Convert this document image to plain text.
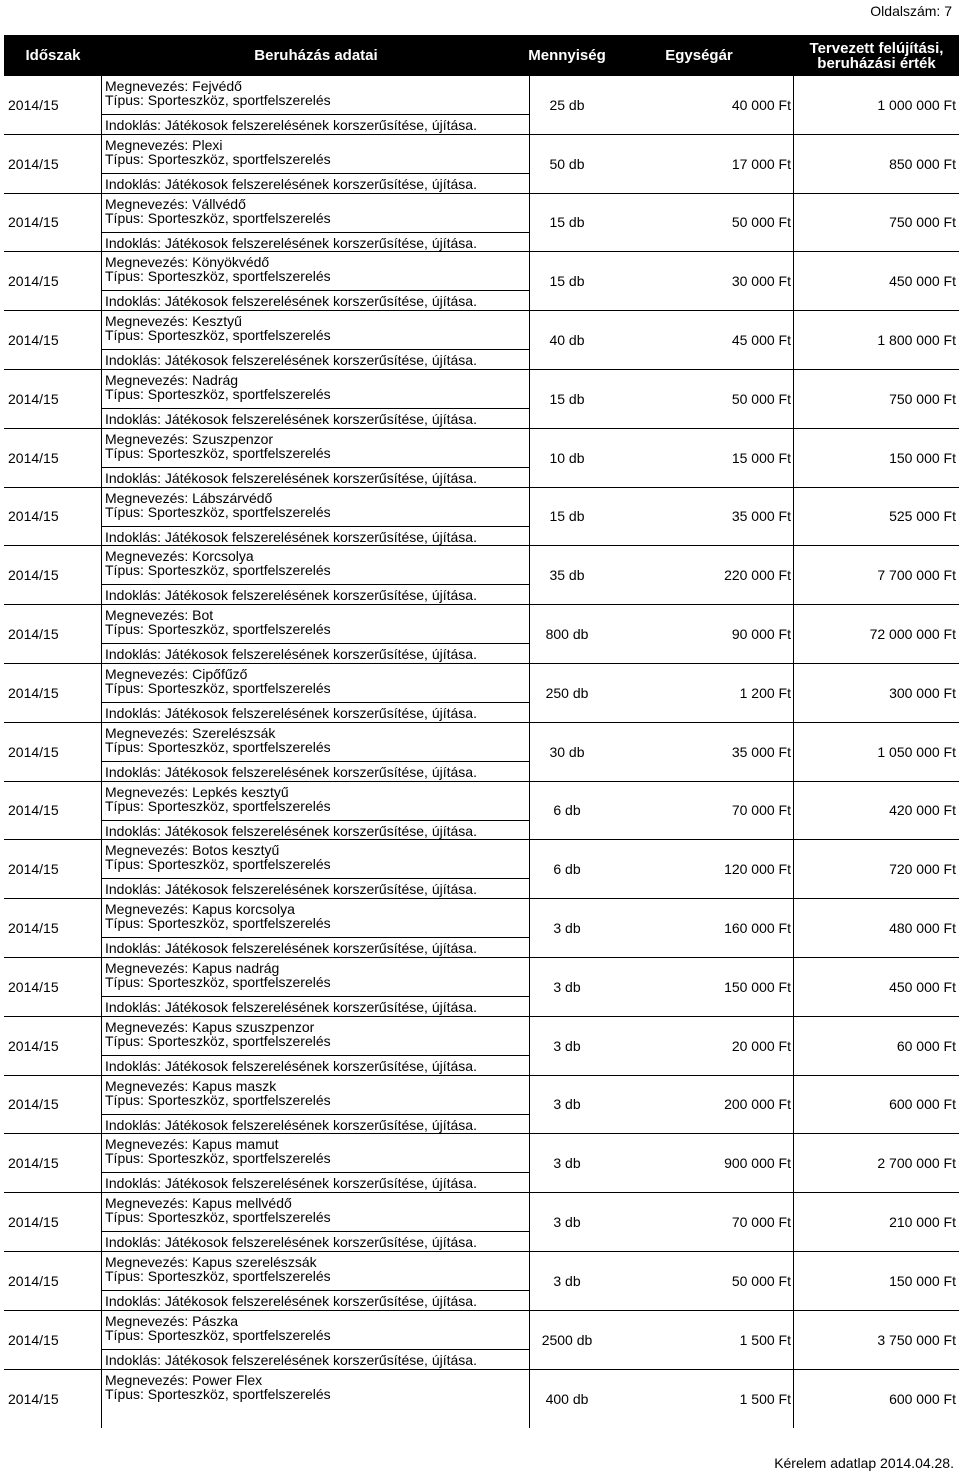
Oldalszám: 7
Időszak	Beruházás adatai	Mennyiség	Egységár	Tervezett felújítási,
beruházási érték
2014/15
Megnevezés: Fejvédő
Típus: Sporteszköz, sportfelszerelés
Indoklás: Játékosok felszerelésének korszerűsítése, újítása.
25 db	40 000 Ft	1 000 000 Ft
2014/15
Megnevezés: Plexi
Típus: Sporteszköz, sportfelszerelés
Indoklás: Játékosok felszerelésének korszerűsítése, újítása.
50 db	17 000 Ft	850 000 Ft
2014/15
Megnevezés: Vállvédő
Típus: Sporteszköz, sportfelszerelés
Indoklás: Játékosok felszerelésének korszerűsítése, újítása.
15 db	50 000 Ft	750 000 Ft
2014/15
Megnevezés: Könyökvédő
Típus: Sporteszköz, sportfelszerelés
Indoklás: Játékosok felszerelésének korszerűsítése, újítása.
15 db	30 000 Ft	450 000 Ft
2014/15
Megnevezés: Kesztyű
Típus: Sporteszköz, sportfelszerelés
Indoklás: Játékosok felszerelésének korszerűsítése, újítása.
40 db	45 000 Ft	1 800 000 Ft
2014/15
Megnevezés: Nadrág
Típus: Sporteszköz, sportfelszerelés
Indoklás: Játékosok felszerelésének korszerűsítése, újítása.
15 db	50 000 Ft	750 000 Ft
2014/15
Megnevezés: Szuszpenzor
Típus: Sporteszköz, sportfelszerelés
Indoklás: Játékosok felszerelésének korszerűsítése, újítása.
10 db	15 000 Ft	150 000 Ft
2014/15
Megnevezés: Lábszárvédő
Típus: Sporteszköz, sportfelszerelés
Indoklás: Játékosok felszerelésének korszerűsítése, újítása.
15 db	35 000 Ft	525 000 Ft
2014/15
Megnevezés: Korcsolya
Típus: Sporteszköz, sportfelszerelés
Indoklás: Játékosok felszerelésének korszerűsítése, újítása.
35 db	220 000 Ft	7 700 000 Ft
2014/15
Megnevezés: Bot
Típus: Sporteszköz, sportfelszerelés
Indoklás: Játékosok felszerelésének korszerűsítése, újítása.
800 db	90 000 Ft	72 000 000 Ft
2014/15
Megnevezés: Cipőfűző
Típus: Sporteszköz, sportfelszerelés
Indoklás: Játékosok felszerelésének korszerűsítése, újítása.
250 db	1 200 Ft	300 000 Ft
2014/15
Megnevezés: Szerelészsák
Típus: Sporteszköz, sportfelszerelés
Indoklás: Játékosok felszerelésének korszerűsítése, újítása.
30 db	35 000 Ft	1 050 000 Ft
2014/15
Megnevezés: Lepkés kesztyű
Típus: Sporteszköz, sportfelszerelés
Indoklás: Játékosok felszerelésének korszerűsítése, újítása.
6 db	70 000 Ft	420 000 Ft
2014/15
Megnevezés: Botos kesztyű
Típus: Sporteszköz, sportfelszerelés
Indoklás: Játékosok felszerelésének korszerűsítése, újítása.
6 db	120 000 Ft	720 000 Ft
2014/15
Megnevezés: Kapus korcsolya
Típus: Sporteszköz, sportfelszerelés
Indoklás: Játékosok felszerelésének korszerűsítése, újítása.
3 db	160 000 Ft	480 000 Ft
2014/15
Megnevezés: Kapus nadrág
Típus: Sporteszköz, sportfelszerelés
Indoklás: Játékosok felszerelésének korszerűsítése, újítása.
3 db	150 000 Ft	450 000 Ft
2014/15
Megnevezés: Kapus szuszpenzor
Típus: Sporteszköz, sportfelszerelés
Indoklás: Játékosok felszerelésének korszerűsítése, újítása.
3 db	20 000 Ft	60 000 Ft
2014/15
Megnevezés: Kapus maszk
Típus: Sporteszköz, sportfelszerelés
Indoklás: Játékosok felszerelésének korszerűsítése, újítása.
3 db	200 000 Ft	600 000 Ft
2014/15
Megnevezés: Kapus mamut
Típus: Sporteszköz, sportfelszerelés
Indoklás: Játékosok felszerelésének korszerűsítése, újítása.
3 db	900 000 Ft	2 700 000 Ft
2014/15
Megnevezés: Kapus mellvédő
Típus: Sporteszköz, sportfelszerelés
Indoklás: Játékosok felszerelésének korszerűsítése, újítása.
3 db	70 000 Ft	210 000 Ft
2014/15
Megnevezés: Kapus szerelészsák
Típus: Sporteszköz, sportfelszerelés
Indoklás: Játékosok felszerelésének korszerűsítése, újítása.
3 db	50 000 Ft	150 000 Ft
2014/15
Megnevezés: Pászka
Típus: Sporteszköz, sportfelszerelés
Indoklás: Játékosok felszerelésének korszerűsítése, újítása.
2500 db	1 500 Ft	3 750 000 Ft
2014/15
Megnevezés: Power Flex
Típus: Sporteszköz, sportfelszerelés	400 db	1 500 Ft	600 000 Ft
Kérelem adatlap 2014.04.28.
